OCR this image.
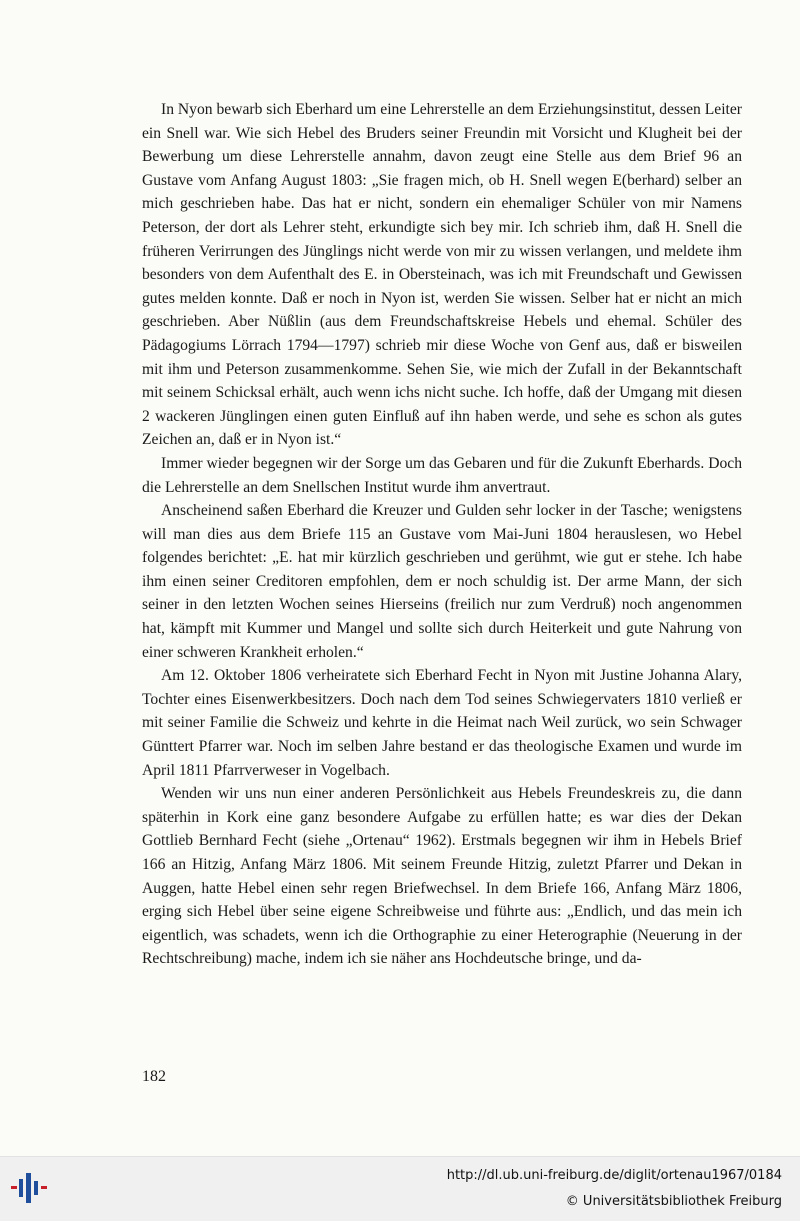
In Nyon bewarb sich Eberhard um eine Lehrerstelle an dem Erziehungsinstitut, dessen Leiter ein Snell war. Wie sich Hebel des Bruders seiner Freundin mit Vorsicht und Klugheit bei der Bewerbung um diese Lehrerstelle annahm, davon zeugt eine Stelle aus dem Brief 96 an Gustave vom Anfang August 1803: „Sie fragen mich, ob H. Snell wegen E(berhard) selber an mich geschrieben habe. Das hat er nicht, sondern ein ehemaliger Schüler von mir Namens Peterson, der dort als Lehrer steht, erkundigte sich bey mir. Ich schrieb ihm, daß H. Snell die früheren Verirrungen des Jünglings nicht werde von mir zu wissen verlangen, und meldete ihm besonders von dem Aufenthalt des E. in Obersteinach, was ich mit Freundschaft und Gewissen gutes melden konnte. Daß er noch in Nyon ist, werden Sie wissen. Selber hat er nicht an mich geschrieben. Aber Nüßlin (aus dem Freundschaftskreise Hebels und ehemal. Schüler des Pädagogiums Lörrach 1794—1797) schrieb mir diese Woche von Genf aus, daß er bisweilen mit ihm und Peterson zusammenkomme. Sehen Sie, wie mich der Zufall in der Bekanntschaft mit seinem Schicksal erhält, auch wenn ichs nicht suche. Ich hoffe, daß der Umgang mit diesen 2 wackeren Jünglingen einen guten Einfluß auf ihn haben werde, und sehe es schon als gutes Zeichen an, daß er in Nyon ist.“

Immer wieder begegnen wir der Sorge um das Gebaren und für die Zukunft Eberhards. Doch die Lehrerstelle an dem Snellschen Institut wurde ihm anvertraut.

Anscheinend saßen Eberhard die Kreuzer und Gulden sehr locker in der Tasche; wenigstens will man dies aus dem Briefe 115 an Gustave vom Mai-Juni 1804 herauslesen, wo Hebel folgendes berichtet: „E. hat mir kürzlich geschrieben und gerühmt, wie gut er stehe. Ich habe ihm einen seiner Creditoren empfohlen, dem er noch schuldig ist. Der arme Mann, der sich seiner in den letzten Wochen seines Hierseins (freilich nur zum Verdruß) noch angenommen hat, kämpft mit Kummer und Mangel und sollte sich durch Heiterkeit und gute Nahrung von einer schweren Krankheit erholen.“

Am 12. Oktober 1806 verheiratete sich Eberhard Fecht in Nyon mit Justine Johanna Alary, Tochter eines Eisenwerkbesitzers. Doch nach dem Tod seines Schwiegervaters 1810 verließ er mit seiner Familie die Schweiz und kehrte in die Heimat nach Weil zurück, wo sein Schwager Günttert Pfarrer war. Noch im selben Jahre bestand er das theologische Examen und wurde im April 1811 Pfarrverweser in Vogelbach.

Wenden wir uns nun einer anderen Persönlichkeit aus Hebels Freundeskreis zu, die dann späterhin in Kork eine ganz besondere Aufgabe zu erfüllen hatte; es war dies der Dekan Gottlieb Bernhard Fecht (siehe „Ortenau“ 1962). Erstmals begegnen wir ihm in Hebels Brief 166 an Hitzig, Anfang März 1806. Mit seinem Freunde Hitzig, zuletzt Pfarrer und Dekan in Auggen, hatte Hebel einen sehr regen Briefwechsel. In dem Briefe 166, Anfang März 1806, erging sich Hebel über seine eigene Schreibweise und führte aus: „Endlich, und das mein ich eigentlich, was schadets, wenn ich die Orthographie zu einer Heterographie (Neuerung in der Rechtschreibung) mache, indem ich sie näher ans Hochdeutsche bringe, und da-

182
http://dl.ub.uni-freiburg.de/diglit/ortenau1967/0184
© Universitätsbibliothek Freiburg
